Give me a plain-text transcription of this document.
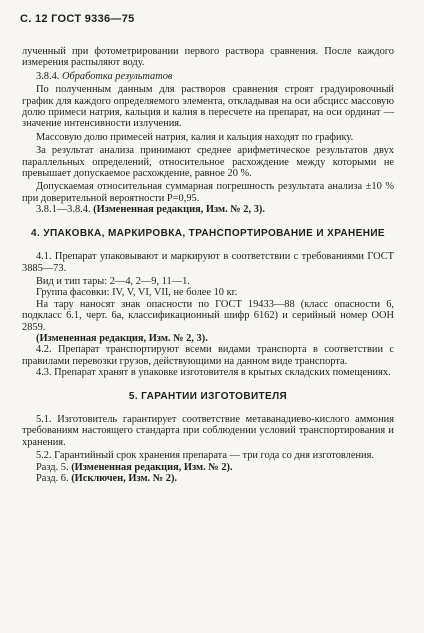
С. 12 ГОСТ 9336—75

лученный при фотометрировании первого раствора сравнения. После каждого измерения распыляют воду.

3.8.4. Обработка результатов

По полученным данным для растворов сравнения строят градуировочный график для каждого определяемого элемента, откладывая на оси абсцисс массовую долю примеси натрия, кальция и калия в пересчете на препарат, на оси ординат — значение интенсивности излучения.

Массовую долю примесей натрия, калия и кальция находят по графику.

За результат анализа принимают среднее арифметическое результатов двух параллельных определений, относительное расхождение между которыми не превышает допускаемое расхождение, равное 20 %.

Допускаемая относительная суммарная погрешность результата анализа ±10 % при доверительной вероятности P=0,95.

3.8.1—3.8.4. (Измененная редакция, Изм. № 2, 3).

4. УПАКОВКА, МАРКИРОВКА, ТРАНСПОРТИРОВАНИЕ И ХРАНЕНИЕ

4.1. Препарат упаковывают и маркируют в соответствии с требованиями ГОСТ 3885—73.

Вид и тип тары: 2—4, 2—9, 11—1.

Группа фасовки: IV, V, VI, VII, не более 10 кг.

На тару наносят знак опасности по ГОСТ 19433—88 (класс опасности 6, подкласс 6.1, черт. 6а, классификационный шифр 6162) и серийный номер ООН 2859.

(Измененная редакция, Изм. № 2, 3).

4.2. Препарат транспортируют всеми видами транспорта в соответствии с правилами перевозки грузов, действующими на данном виде транспорта.

4.3. Препарат хранят в упаковке изготовителя в крытых складских помещениях.

5. ГАРАНТИИ ИЗГОТОВИТЕЛЯ

5.1. Изготовитель гарантирует соответствие метаванадиево-кислого аммония требованиям настоящего стандарта при соблюдении условий транспортирования и хранения.

5.2. Гарантийный срок хранения препарата — три года со дня изготовления.

Разд. 5. (Измененная редакция, Изм. № 2).

Разд. 6. (Исключен, Изм. № 2).
